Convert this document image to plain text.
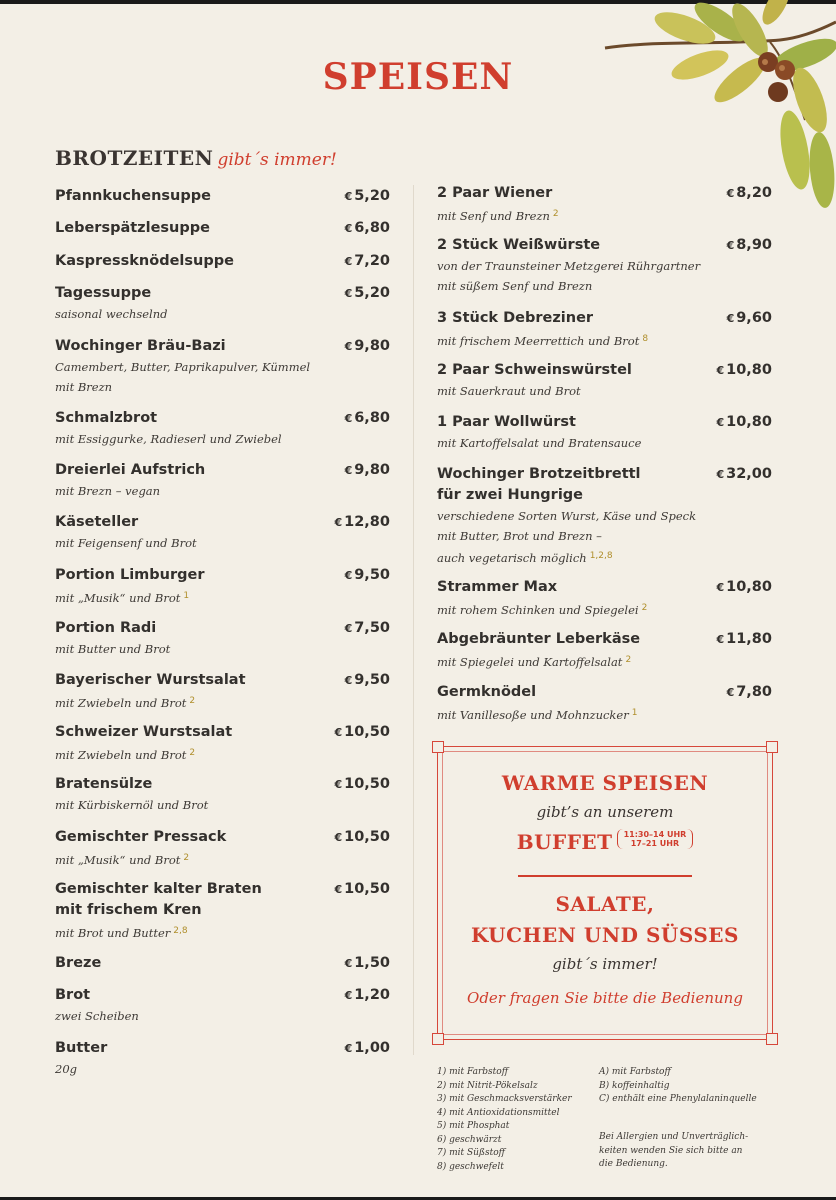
SPEISEN
BROTZEITEN gibt´s immer!
Pfannkuchensuppe	€ 5,20
Leberspätzlesuppe	€ 6,80
Kaspressknödelsuppe	€ 7,20
Tagessuppe	€ 5,20
saisonal wechselnd
Wochinger Bräu-Bazi	€ 9,80
Camembert, Butter, Paprikapulver, Kümmel
mit Brezn
Schmalzbrot	€ 6,80
mit Essiggurke, Radieserl und Zwiebel
Dreierlei Aufstrich	€ 9,80
mit Brezn – vegan
Käseteller	€ 12,80
mit Feigensenf und Brot
Portion Limburger	€ 9,50
mit „Musik“ und Brot $^1$
Portion Radi	€ 7,50
mit Butter und Brot
Bayerischer Wurstsalat	€ 9,50
mit Zwiebeln und Brot $^2$
Schweizer Wurstsalat	€ 10,50
mit Zwiebeln und Brot $^2$
Bratensülze	€ 10,50
mit Kürbiskernöl und Brot
Gemischter Pressack	€ 10,50
mit „Musik“ und Brot $^2$
Gemischter kalter Braten	€ 10,50
mit frischem Kren
mit Brot und Butter $^{2,8}$
Breze	€ 1,50
Brot	€ 1,20
zwei Scheiben
Butter	€ 1,00
20g
2 Paar Wiener	€ 8,20
mit Senf und Brezn $^2$
2 Stück Weißwürste	€ 8,90
von der Traunsteiner Metzgerei Rührgartner
mit süßem Senf und Brezn
3 Stück Debreziner	€ 9,60
mit frischem Meerrettich und Brot $^8$
2 Paar Schweinswürstel	€ 10,80
mit Sauerkraut und Brot
1 Paar Wollwürst	€ 10,80
mit Kartoffelsalat und Bratensauce
Wochinger Brotzeitbrettl	€ 32,00
für zwei Hungrige
verschiedene Sorten Wurst, Käse und Speck
mit Butter, Brot und Brezn –
auch vegetarisch möglich $^{1,2,8}$
Strammer Max	€ 10,80
mit rohem Schinken und Spiegelei $^2$
Abgebräunter Leberkäse	€ 11,80
mit Spiegelei und Kartoffelsalat $^2$
Germknödel	€ 7,80
mit Vanillesoße und Mohnzucker $^1$
WARME SPEISEN
gibt’s an unserem
BUFFET 11:30–14 UHR
17–21 UHR
SALATE,
KUCHEN UND SÜSSES
gibt´s immer!
Oder fragen Sie bitte die Bedienung
1) mit Farbstoff
2) mit Nitrit-Pökelsalz
3) mit Geschmacksverstärker
4) mit Antioxidationsmittel
5) mit Phosphat
6) geschwärzt
7) mit Süßstoff
8) geschwefelt
A) mit Farbstoff
B) koffeinhaltig
C) enthält eine Phenylalaninquelle
Bei Allergien und Unverträglich-
keiten wenden Sie sich bitte an
die Bedienung.
